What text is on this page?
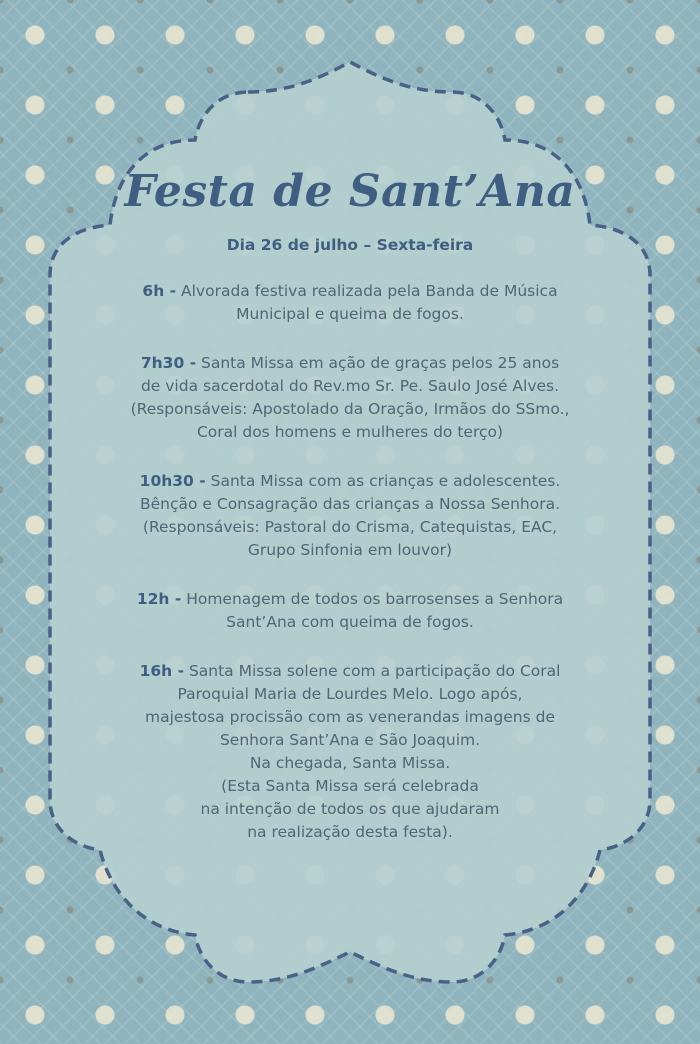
Festa de Sant’Ana
Dia 26 de julho – Sexta-feira
6h - Alvorada festiva realizada pela Banda de Música
Municipal e queima de fogos.
7h30 - Santa Missa em ação de graças pelos 25 anos
de vida sacerdotal do Rev.mo Sr. Pe. Saulo José Alves.
(Responsáveis: Apostolado da Oração, Irmãos do SSmo.,
Coral dos homens e mulheres do terço)
10h30 - Santa Missa com as crianças e adolescentes.
Bênção e Consagração das crianças a Nossa Senhora.
(Responsáveis: Pastoral do Crisma, Catequistas, EAC,
Grupo Sinfonia em louvor)
12h - Homenagem de todos os barrosenses a Senhora
Sant’Ana com queima de fogos.
16h - Santa Missa solene com a participação do Coral
Paroquial Maria de Lourdes Melo. Logo após,
majestosa procissão com as venerandas imagens de
Senhora Sant’Ana e São Joaquim.
Na chegada, Santa Missa.
(Esta Santa Missa será celebrada
na intenção de todos os que ajudaram
na realização desta festa).
